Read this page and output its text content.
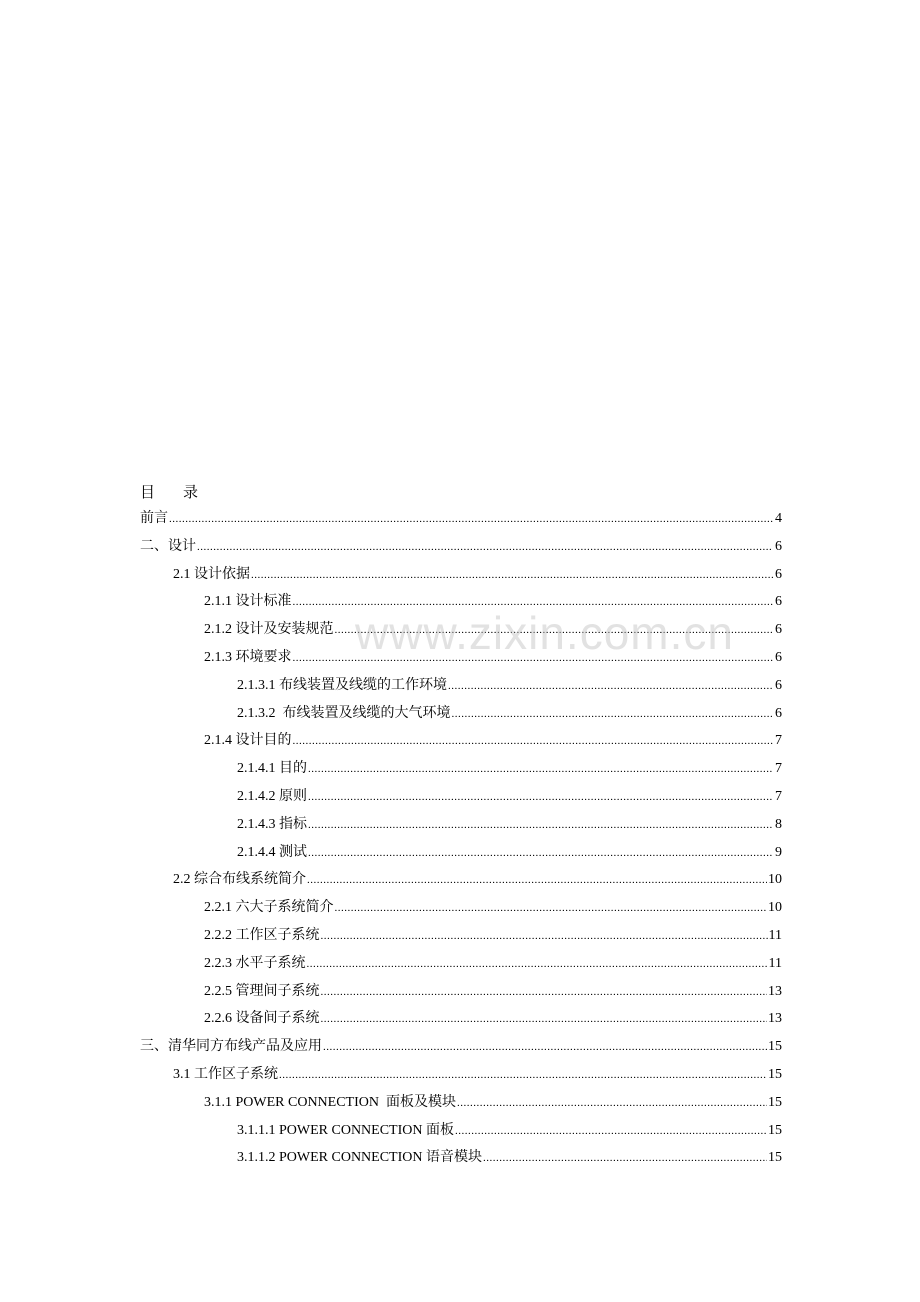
目 录
前言 .....	4
二、设计 .....	6
2.1 设计依据 .....	6
2.1.1 设计标准 .....	6
2.1.2 设计及安装规范 .....	6
2.1.3 环境要求 .....	6
2.1.3.1 布线装置及线缆的工作环境 .....	6
2.1.3.2  布线装置及线缆的大气环境 .....	6
2.1.4 设计目的 .....	7
2.1.4.1 目的 .....	7
2.1.4.2 原则 .....	7
2.1.4.3 指标 .....	8
2.1.4.4 测试 .....	9
2.2 综合布线系统简介 .....	10
2.2.1 六大子系统简介 .....	10
2.2.2 工作区子系统 .....	11
2.2.3 水平子系统 .....	11
2.2.5 管理间子系统 .....	13
2.2.6 设备间子系统 .....	13
三、清华同方布线产品及应用 .....	15
3.1 工作区子系统 .....	15
3.1.1 POWER CONNECTION  面板及模块 .....	15
3.1.1.1 POWER CONNECTION 面板 .....	15
3.1.1.2 POWER CONNECTION 语音模块 .....	15
www.zixin.com.cn
